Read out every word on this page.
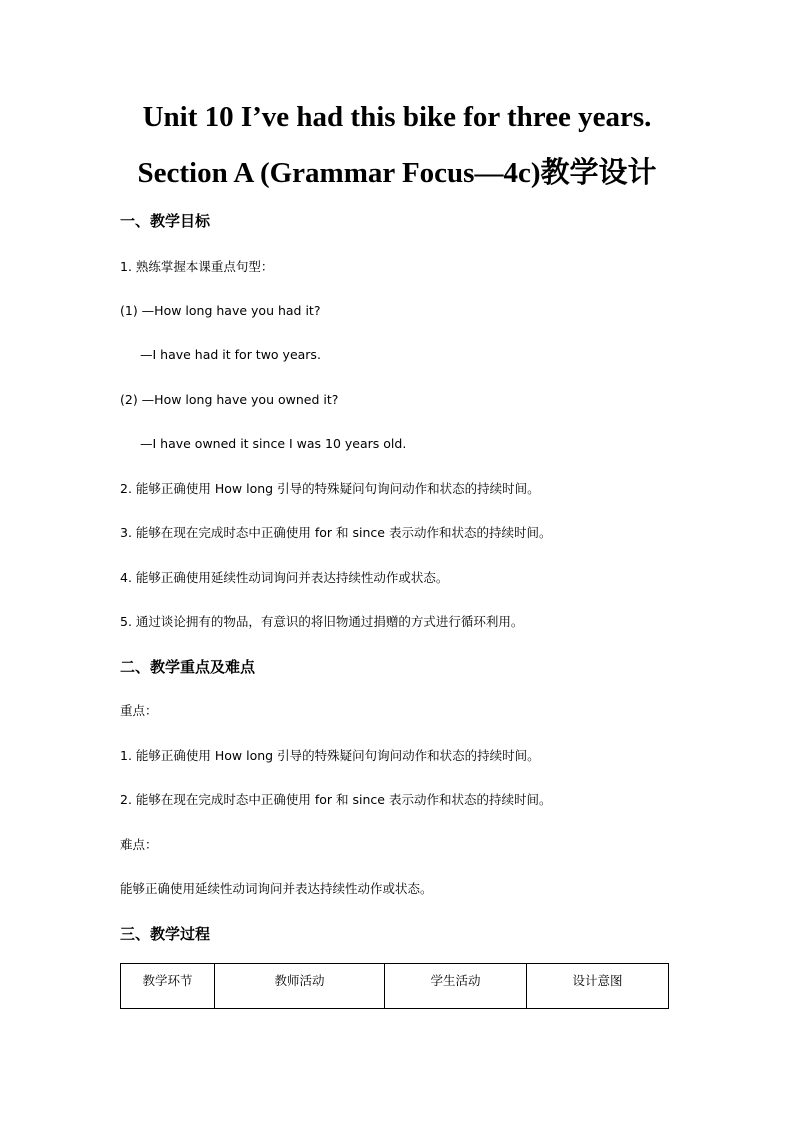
Unit 10 I’ve had this bike for three years.
Section A (Grammar Focus—4c)教学设计
一、教学目标
1. 熟练掌握本课重点句型：
(1) —How long have you had it?
—I have had it for two years.
(2) —How long have you owned it?
—I have owned it since I was 10 years old.
2. 能够正确使用 How long 引导的特殊疑问句询问动作和状态的持续时间。
3. 能够在现在完成时态中正确使用 for 和 since 表示动作和状态的持续时间。
4. 能够正确使用延续性动词询问并表达持续性动作或状态。
5. 通过谈论拥有的物品，有意识的将旧物通过捐赠的方式进行循环利用。
二、教学重点及难点
重点：
1. 能够正确使用 How long 引导的特殊疑问句询问动作和状态的持续时间。
2. 能够在现在完成时态中正确使用 for 和 since 表示动作和状态的持续时间。
难点：
能够正确使用延续性动词询问并表达持续性动作或状态。
三、教学过程
教学环节	教师活动	学生活动	设计意图
